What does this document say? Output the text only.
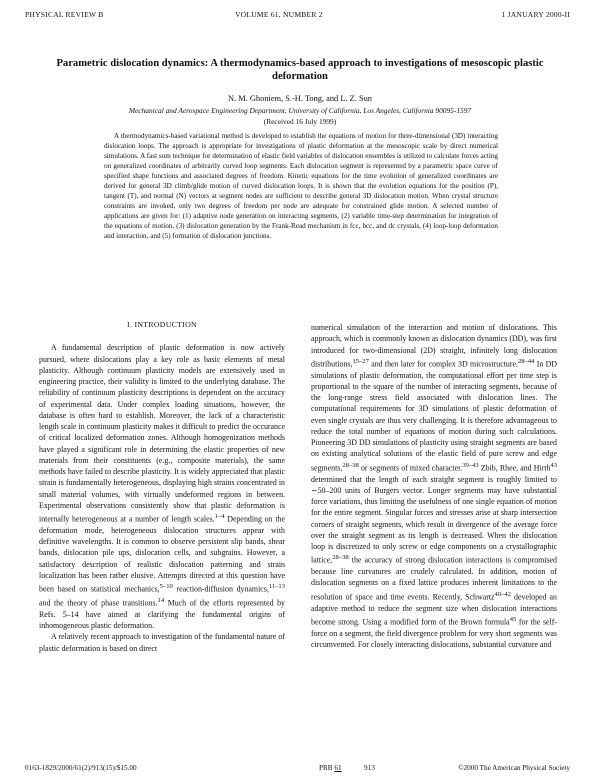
PHYSICAL REVIEW B	VOLUME 61, NUMBER 2	1 JANUARY 2000-II
Parametric dislocation dynamics: A thermodynamics-based approach to investigations of mesoscopic plastic deformation
N. M. Ghoniem, S.-H. Tong, and L. Z. Sun
Mechanical and Aerospace Engineering Department, University of California, Los Angeles, California 90095-1597
(Received 16 July 1999)

A thermodynamics-based variational method is developed to establish the equations of motion for three-dimensional (3D) interacting dislocation loops. The approach is appropriate for investigations of plastic deformation at the mesoscopic scale by direct numerical simulations. A fast sum technique for determination of elastic field variables of dislocation ensembles is utilized to calculate forces acting on generalized coordinates of arbitrarily curved loop segments. Each dislocation segment is represented by a parametric space curve of specified shape functions and associated degrees of freedom. Kinetic equations for the time evolution of generalized coordinates are derived for general 3D climb/glide motion of curved dislocation loops. It is shown that the evolution equations for the position (P), tangent (T), and normal (N) vectors at segment nodes are sufficient to describe general 3D dislocation motion. When crystal structure constraints are invoked, only two degrees of freedom per node are adequate for constrained glide motion. A selected number of applications are given for: (1) adaptive node generation on interacting segments, (2) variable time-step determination for integration of the equations of motion, (3) dislocation generation by the Frank-Read mechanism in fcc, bcc, and dc crystals, (4) loop-loop deformation and interaction, and (5) formation of dislocation junctions.

I. INTRODUCTION

A fundamental description of plastic deformation is now actively pursued, where dislocations play a key role as basic elements of metal plasticity. Although continuum plasticity models are extensively used in engineering practice, their validity is limited to the underlying database. The reliability of continuum plasticity descriptions is dependent on the accuracy of experimental data. Under complex loading situations, however, the database is often hard to establish. Moreover, the lack of a characteristic length scale in continuum plasticity makes it difficult to predict the occurance of critical localized deformation zones. Although homogenization methods have played a significant role in determining the elastic properties of new materials from their constituents (e.g., composite materials), the same methods have failed to describe plasticity. It is widely appreciated that plastic strain is fundamentally heterogeneous, displaying high strains concentrated in small material volumes, with virtually undeformed regions in between. Experimental observations consistently show that plastic deformation is internally heterogeneous at a number of length scales.$^{1-4}$ Depending on the deformation mode, heterogeneous dislocation structures appear with definitive wavelengths. It is common to observe persistent slip bands, shear bands, dislocation pile ups, dislocation cells, and subgrains. However, a satisfactory description of realistic dislocation patterning and strain localization has been rather elusive. Attempts directed at this question have been based on statistical mechanics,$^{5-10}$ reaction-diffusion dynamics,$^{11-13}$ and the theory of phase transitions.$^{14}$ Much of the efforts represented by Refs. 5–14 have aimed at clarifying the fundamental origins of inhomogeneous plastic deformation.

A relatively recent approach to investigation of the fundamental nature of plastic deformation is based on direct

numerical simulation of the interaction and motion of dislocations. This approach, which is commonly known as dislocation dynamics (DD), was first introduced for two-dimensional (2D) straight, infinitely long dislocation distributions,$^{15-27}$ and then later for complex 3D microstructure.$^{28-44}$ In DD simulations of plastic deformation, the computational effort per time step is proportional to the square of the number of interacting segments, because of the long-range stress field associated with dislocation lines. The computational requirements for 3D simulations of plastic deformation of even single crystals are thus very challenging. It is therefore advantageous to reduce the total number of equations of motion during such calculations. Pioneering 3D DD simulations of plasticity using straight segments are based on existing analytical solutions of the elastic field of pure screw and edge segments,$^{28-38}$ or segments of mixed character.$^{39-43}$ Zbib, Rhee, and Hirth$^{43}$ determined that the length of each straight segment is roughly limited to ∼50–200 units of Burgers vector. Longer segments may have substantial force variations, thus limiting the usefulness of one single equation of motion for the entire segment. Singular forces and stresses arise at sharp intersection corners of straight segments, which result in divergence of the average force over the straight segment as its length is decreased. When the dislocation loop is discretized to only screw or edge components on a crystallographic lattice,$^{28-38}$ the accuracy of strong dislocation interactions is compromised because line curvatures are crudely calculated. In addition, motion of dislocation segments on a fixed lattice produces inherent limitations to the resolution of space and time events. Recently, Schwartz$^{40-42}$ developed an adaptive method to reduce the segment size when dislocation interactions become strong. Using a modified form of the Brown formula$^{45}$ for the self-force on a segment, the field divergence problem for very short segments was circumvented. For closely interacting dislocations, substantial curvature and

0163-1829/2000/61(2)/913(15)/$15.00	PRB 61	913	©2000 The American Physical Society
